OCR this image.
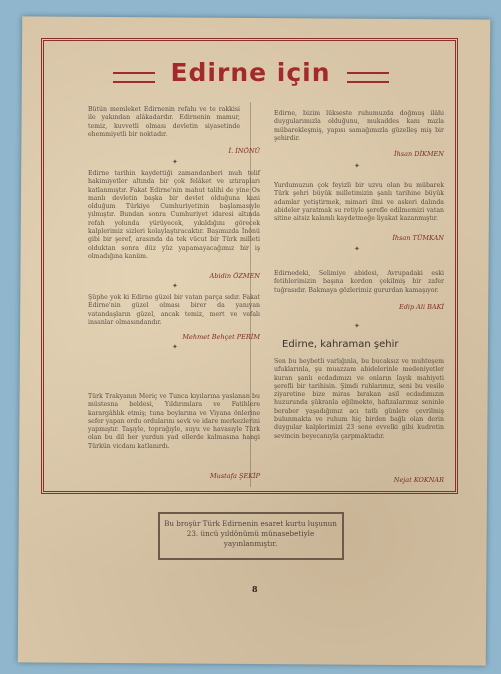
Edirne için
Bütün memleket Edirnenin refahı ve te rakkisi ile yakından alâkadardır. Edirnenin mamur, temiz, kuvvetli olması devletin siyasetinde ehemmiyetli bir noktadır.
İ. İNÖNÜ
✦
Edirne tarihin kaydettiği zamandanberi muh telif hakimiyetler altında bir çok felâket ve ıztırapları katlanmıştır. Fakat Edirne'nin mahut talihi de yine Os manlı devletin başka bir devlet olduğuna kani olduğum Türkiye Cumhuriyetinin başlamasıyle yılmıştır. Bundan sonra Cumhuriyet idaresi altında refah yolunda yürüyecek, yıkıldığını görecek kalplerimiz sizleri kolaylaştıracaktır. Başımızda İnönü gibi bir şeref, arasında da tek vücut bir Türk milleti olduktan sonra düz yüz yapamayacağımız bir iş olmadığına kaniim.
Abidin ÖZMEN
✦
Şüphe yok ki Edirne güzel bir vatan parça sıdır. Fakat Edirne'nin güzel olması birer da yanıyan vatandaşların güzel, ancak temiz, mert ve vefalı insanlar olmasındandır.
Mehmet Behçet PERİM
✦
Türk Trakyanın Meriç ve Tunca kıyılarına yaslanan bu müstesna beldesi, Yıldırımlara ve Fatihlere karargâhlık etmiş; tuna boylarına ve Viyana önlerine sefer yapan ordu ordularını sevk ve idare merkezlerini yapmıştır. Taşıyle, toprağıyle, suyu ve havasıyle Türk olan bu dil ber yurdun yad ellerde kalmasına hangi Türkün vicdanı katlanırdı.
Mustafa ŞEKİP
Edirne, bizim lükseste ruhumuzda doğmuş ilâhi duygularımızla olduğunu, mukaddes kanı mızla mübarekleşmiş, yapısı samağımızla güzelleş miş bir şehirdir.
İhsan DİKMEN
✦
Yurdumuzun çok feyizli bir uzvu olan bu mübarek Türk şehri büyük milletimizin şanlı tarihine büyük adamlar yetiştirmek, mimari ilmi ve askeri dalında abideler yaratmak su retiyle şerefle edilmemizi vatan sitine aitsiz kalamlı kaydetmeğe liyakat kazanmıştır.
İhsan TÜMKAN
✦
Edirnedeki, Selimiye abidesi, Avrupadaki eski fetihlerimizin başına kordon çekilmiş bir zafer tuğrasıdır. Bakmaya gözlerimiz gururdan kamaşıyor.
Edip Ali BAKİ
✦
Edirne, kahraman şehir
Sen bu heybetli varlığınla, bu bucaksız ve muhteşem ufuklarınla, şu muazzam abidelerinle medeniyetler kuran şanlı ecdadımızı ve onların layık mahiyeti şerefli bir tarihisin. Şimdi ruhlarımız, seni bu vesile ziyaretine bize miras bırakan asil ecdadımızın huzurunda şükranla eğilmekte, hafızalarımız seninle beraber yaşadığımız acı tatlı günlere çevrilmiş bulunmakta ve ruhum hiç birden bağlı olan derin duygular kalplerimizi 23 sene evvelki gibi kudretin sevincin beyecanıyla çarpmaktadır.
Nejat KOKNAR
Bu broşür Türk Edirnenin esaret kurtu luşunun 23. üncü yıldönümü münasebetiyle yayınlanmıştır.
8
